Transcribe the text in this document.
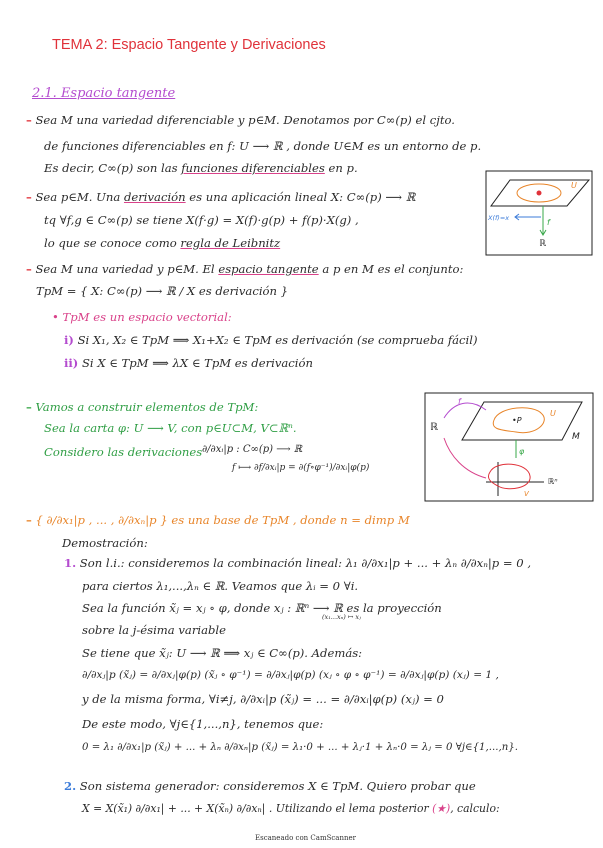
TEMA 2: Espacio Tangente y Derivaciones
2.1. Espacio tangente
– Sea M una variedad diferenciable y p∈M. Denotamos por C∞(p) el cjto.
de funciones diferenciables en f: U ⟶ ℝ , donde U∈M es un entorno de p.
Es decir, C∞(p) son las funciones diferenciables en p.
– Sea p∈M. Una derivación es una aplicación lineal X: C∞(p) ⟶ ℝ
tq ∀f,g ∈ C∞(p) se tiene X(f·g) = X(f)·g(p) + f(p)·X(g) ,
lo que se conoce como regla de Leibnitz
U
f
X(f)=x
ℝ
– Sea M una variedad y p∈M. El espacio tangente a p en M es el conjunto:
TpM = { X: C∞(p) ⟶ ℝ / X es derivación }
• TpM es un espacio vectorial:
i) Si X₁, X₂ ∈ TpM ⟹ X₁+X₂ ∈ TpM es derivación (se comprueba fácil)
ii) Si X ∈ TpM ⟹ λX ∈ TpM es derivación
– Vamos a construir elementos de TpM:
Sea la carta φ: U ⟶ V, con p∈U⊂M, V⊂ℝⁿ.
Considero las derivaciones ∂/∂xᵢ|p : C∞(p) ⟶ ℝ
f ⟼ ∂f/∂xᵢ|p = ∂(f∘φ⁻¹)/∂xᵢ|φ(p)
•P
U
M
ℝ
f
φ
V
ℝⁿ
– { ∂/∂x₁|p , ... , ∂/∂xₙ|p } es una base de TpM , donde n = dimp M
Demostración:
1. Son l.i.: consideremos la combinación lineal: λ₁ ∂/∂x₁|p + ... + λₙ ∂/∂xₙ|p = 0 ,
para ciertos λ₁,...,λₙ ∈ ℝ. Veamos que λᵢ = 0 ∀i.
Sea la función x̃ⱼ = xⱼ ∘ φ, donde xⱼ : ℝⁿ ⟶ ℝ es la proyección
(x₁...xₙ) ↦ xⱼ
sobre la j-ésima variable
Se tiene que x̃ⱼ: U ⟶ ℝ ⟹ xⱼ ∈ C∞(p). Además:
∂/∂xⱼ|p (x̃ⱼ) = ∂/∂xⱼ|φ(p) (x̃ⱼ ∘ φ⁻¹) = ∂/∂xⱼ|φ(p) (xⱼ ∘ φ ∘ φ⁻¹) = ∂/∂xⱼ|φ(p) (xⱼ) = 1 ,
y de la misma forma, ∀i≠j, ∂/∂xᵢ|p (x̃ⱼ) = ... = ∂/∂xᵢ|φ(p) (xⱼ) = 0
De este modo, ∀j∈{1,...,n}, tenemos que:
0 = λ₁ ∂/∂x₁|p (x̃ⱼ) + ... + λₙ ∂/∂xₙ|p (x̃ⱼ) = λ₁·0 + ... + λⱼ·1 + λₙ·0 = λⱼ = 0 ∀j∈{1,...,n}.
2. Son sistema generador: consideremos X ∈ TpM. Quiero probar que
X = X(x̃₁) ∂/∂x₁| + ... + X(x̃ₙ) ∂/∂xₙ| . Utilizando el lema posterior (★), calculo:
Escaneado con CamScanner
